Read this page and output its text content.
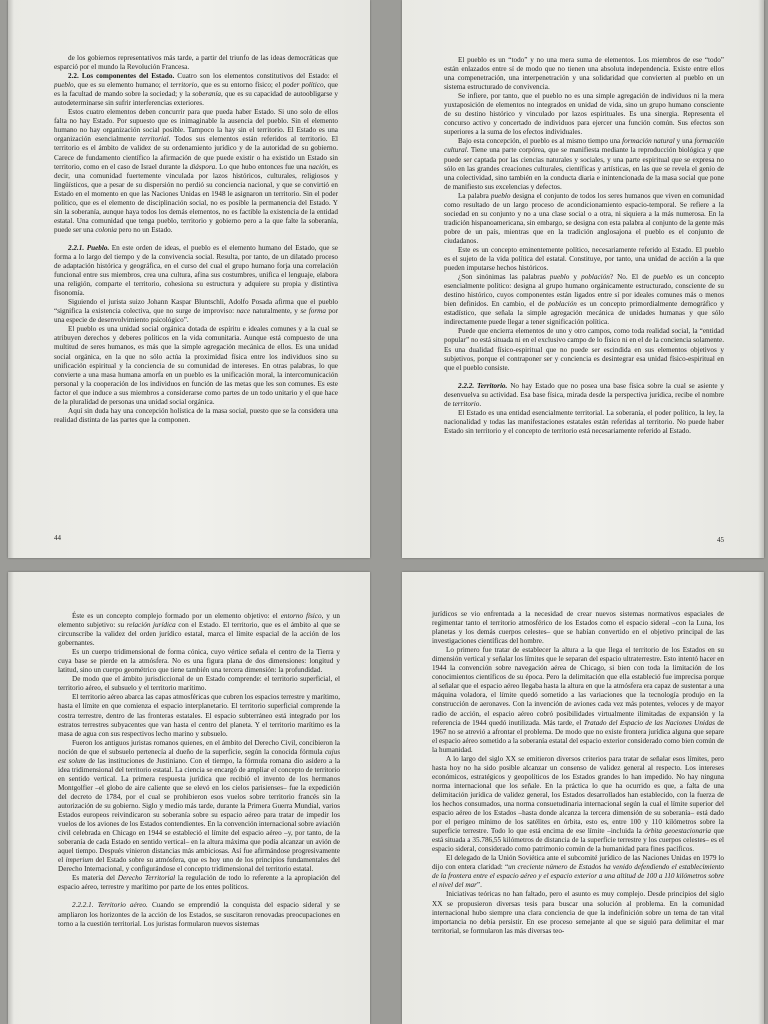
de los gobiernos representativos más tarde, a partir del triunfo de las ideas democráticas que esparció por el mundo la Revolución Francesa.

2.2. Los componentes del Estado. Cuatro son los elementos constitutivos del Estado: el pueblo, que es su elemento humano; el territorio, que es su entorno físico; el poder político, que es la facultad de mando sobre la sociedad; y la soberanía, que es su capacidad de autoobligarse y autodeterminarse sin sufrir interferencias exteriores.

Estos cuatro elementos deben concurrir para que pueda haber Estado. Si uno solo de ellos falta no hay Estado. Por supuesto que es inimaginable la ausencia del pueblo. Sin el elemento humano no hay organización social posible. Tampoco la hay sin el territorio. El Estado es una organización esencialmente territorial. Todos sus elementos están referidos al territorio. El territorio es el ámbito de validez de su ordenamiento jurídico y de la autoridad de su gobierno. Carece de fundamento científico la afirmación de que puede existir o ha existido un Estado sin territorio, como en el caso de Israel durante la diáspora. Lo que hubo entonces fue una nación, es decir, una comunidad fuertemente vinculada por lazos históricos, culturales, religiosos y lingüísticos, que a pesar de su dispersión no perdió su conciencia nacional, y que se convirtió en Estado en el momento en que las Naciones Unidas en 1948 le asignaron un territorio. Sin el poder político, que es el elemento de disciplinación social, no es posible la permanencia del Estado. Y sin la soberanía, aunque haya todos los demás elementos, no es factible la existencia de la entidad estatal. Una comunidad que tenga pueblo, territorio y gobierno pero a la que falte la soberanía, puede ser una colonia pero no un Estado.

2.2.1. Pueblo. En este orden de ideas, el pueblo es el elemento humano del Estado, que se forma a lo largo del tiempo y de la convivencia social. Resulta, por tanto, de un dilatado proceso de adaptación histórica y geográfica, en el curso del cual el grupo humano forja una correlación funcional entre sus miembros, crea una cultura, afina sus costumbres, unifica el lenguaje, elabora una religión, comparte el territorio, cohesiona su estructura y adquiere su propia y distintiva fisonomía.

Siguiendo el jurista suizo Johann Kaspar Bluntschli, Adolfo Posada afirma que el pueblo “significa la existencia colectiva, que no surge de improviso: nace naturalmente, y se forma por una especie de desenvolvimiento psicológico”.

El pueblo es una unidad social orgánica dotada de espíritu e ideales comunes y a la cual se atribuyen derechos y deberes políticos en la vida comunitaria. Aunque está compuesto de una multitud de seres humanos, es más que la simple agregación mecánica de ellos. Es una unidad social orgánica, en la que no sólo actúa la proximidad física entre los individuos sino su unificación espiritual y la conciencia de su comunidad de intereses. En otras palabras, lo que convierte a una masa humana amorfa en un pueblo es la unificación moral, la intercomunicación personal y la cooperación de los individuos en función de las metas que les son comunes. Es este factor el que induce a sus miembros a considerarse como partes de un todo unitario y el que hace de la pluralidad de personas una unidad social orgánica.

Aquí sin duda hay una concepción holística de la masa social, puesto que se la considera una realidad distinta de las partes que la componen.

44

El pueblo es un “todo” y no una mera suma de elementos. Los miembros de ese “todo” están enlazados entre sí de modo que no tienen una absoluta independencia. Existe entre ellos una compenetración, una interpenetración y una solidaridad que convierten al pueblo en un sistema estructurado de convivencia.

Se infiere, por tanto, que el pueblo no es una simple agregación de individuos ni la mera yuxtaposición de elementos no integrados en unidad de vida, sino un grupo humano consciente de su destino histórico y vinculado por lazos espirituales. Es una sinergia. Representa el concurso activo y concertado de individuos para ejercer una función común. Sus efectos son superiores a la suma de los efectos individuales.

Bajo esta concepción, el pueblo es al mismo tiempo una formación natural y una formación cultural. Tiene una parte corpórea, que se manifiesta mediante la reproducción biológica y que puede ser captada por las ciencias naturales y sociales, y una parte espiritual que se expresa no sólo en las grandes creaciones culturales, científicas y artísticas, en las que se revela el genio de una colectividad, sino también en la conducta diaria e inintencionada de la masa social que pone de manifiesto sus excelencias y defectos.

La palabra pueblo designa el conjunto de todos los seres humanos que viven en comunidad como resultado de un largo proceso de acondicionamiento espacio-temporal. Se refiere a la sociedad en su conjunto y no a una clase social o a otra, ni siquiera a la más numerosa. En la tradición hispanoamericana, sin embargo, se designa con esta palabra al conjunto de la gente más pobre de un país, mientras que en la tradición anglosajona el pueblo es el conjunto de ciudadanos.

Este es un concepto eminentemente político, necesariamente referido al Estado. El pueblo es el sujeto de la vida política del estatal. Constituye, por tanto, una unidad de acción a la que pueden imputarse hechos históricos.

¿Son sinónimas las palabras pueblo y población? No. El de pueblo es un concepto esencialmente político: designa al grupo humano orgánicamente estructurado, consciente de su destino histórico, cuyos componentes están ligados entre sí por ideales comunes más o menos bien definidos. En cambio, el de población es un concepto primordialmente demográfico y estadístico, que señala la simple agregación mecánica de unidades humanas y que sólo indirectamente puede llegar a tener significación política.

Puede que encierra elementos de uno y otro campos, como toda realidad social, la “entidad popular” no está situada ni en el exclusivo campo de lo físico ni en el de la conciencia solamente. Es una dualidad físico-espiritual que no puede ser escindida en sus elementos objetivos y subjetivos, porque el contraponer ser y conciencia es desintegrar esa unidad físico-espiritual en que el pueblo consiste.

2.2.2. Territorio. No hay Estado que no posea una base física sobre la cual se asiente y desenvuelva su actividad. Esa base física, mirada desde la perspectiva jurídica, recibe el nombre de territorio.

El Estado es una entidad esencialmente territorial. La soberanía, el poder político, la ley, la nacionalidad y todas las manifestaciones estatales están referidas al territorio. No puede haber Estado sin territorio y el concepto de territorio está necesariamente referido al Estado.

45

Éste es un concepto complejo formado por un elemento objetivo: el entorno físico, y un elemento subjetivo: su relación jurídica con el Estado. El territorio, que es el ámbito al que se circunscribe la validez del orden jurídico estatal, marca el límite espacial de la acción de los gobernantes.

Es un cuerpo tridimensional de forma cónica, cuyo vértice señala el centro de la Tierra y cuya base se pierde en la atmósfera. No es una figura plana de dos dimensiones: longitud y latitud, sino un cuerpo geométrico que tiene también una tercera dimensión: la profundidad.

De modo que el ámbito jurisdiccional de un Estado comprende: el territorio superficial, el territorio aéreo, el subsuelo y el territorio marítimo.

El territorio aéreo abarca las capas atmosféricas que cubren los espacios terrestre y marítimo, hasta el límite en que comienza el espacio interplanetario. El territorio superficial comprende la costra terrestre, dentro de las fronteras estatales. El espacio subterráneo está integrado por los estratos terrestres subyacentes que van hasta el centro del planeta. Y el territorio marítimo es la masa de agua con sus respectivos lecho marino y subsuelo.

Fueron los antiguos juristas romanos quienes, en el ámbito del Derecho Civil, concibieron la noción de que el subsuelo pertenecía al dueño de la superficie, según la conocida fórmula cujus est solum de las instituciones de Justiniano. Con el tiempo, la fórmula romana dio asidero a la idea tridimensional del territorio estatal. La ciencia se encargó de ampliar el concepto de territorio en sentido vertical. La primera respuesta jurídica que recibió el invento de los hermanos Montgolfier –el globo de aire caliente que se elevó en los cielos parisienses– fue la expedición del decreto de 1784, por el cual se prohibieron esos vuelos sobre territorio francés sin la autorización de su gobierno. Siglo y medio más tarde, durante la Primera Guerra Mundial, varios Estados europeos reivindicaron su soberanía sobre su espacio aéreo para tratar de impedir los vuelos de los aviones de los Estados contendientes. En la convención internacional sobre aviación civil celebrada en Chicago en 1944 se estableció el límite del espacio aéreo –y, por tanto, de la soberanía de cada Estado en sentido vertical– en la altura máxima que podía alcanzar un avión de aquel tiempo. Después vinieron distancias más ambiciosas. Así fue afirmándose progresivamente el imperium del Estado sobre su atmósfera, que es hoy uno de los principios fundamentales del Derecho Internacional, y configurándose el concepto tridimensional del territorio estatal.

Es materia del Derecho Territorial la regulación de todo lo referente a la apropiación del espacio aéreo, terrestre y marítimo por parte de los entes políticos.

2.2.2.1. Territorio aéreo. Cuando se emprendió la conquista del espacio sideral y se ampliaron los horizontes de la acción de los Estados, se suscitaron renovadas preocupaciones en torno a la cuestión territorial. Los juristas formularon nuevos sistemas

jurídicos se vio enfrentada a la necesidad de crear nuevos sistemas normativos espaciales de regimentar tanto el territorio atmosférico de los Estados como el espacio sideral –con la Luna, los planetas y los demás cuerpos celestes– que se habían convertido en el objetivo principal de las investigaciones científicas del hombre.

Lo primero fue tratar de establecer la altura a la que llega el territorio de los Estados en su dimensión vertical y señalar los límites que le separan del espacio ultraterrestre. Esto intentó hacer en 1944 la convención sobre navegación aérea de Chicago, si bien con toda la limitación de los conocimientos científicos de su época. Pero la delimitación que ella estableció fue imprecisa porque al señalar que el espacio aéreo llegaba hasta la altura en que la atmósfera era capaz de sustentar a una máquina voladora, el límite quedó sometido a las variaciones que la tecnología produjo en la construcción de aeronaves. Con la invención de aviones cada vez más potentes, veloces y de mayor radio de acción, el espacio aéreo cobró posibilidades virtualmente ilimitadas de expansión y la referencia de 1944 quedó inutilizada. Más tarde, el Tratado del Espacio de las Naciones Unidas de 1967 no se atrevió a afrontar el problema. De modo que no existe frontera jurídica alguna que separe el espacio aéreo sometido a la soberanía estatal del espacio exterior considerado como bien común de la humanidad.

A lo largo del siglo XX se emitieron diversos criterios para tratar de señalar esos límites, pero hasta hoy no ha sido posible alcanzar un consenso de validez general al respecto. Los intereses económicos, estratégicos y geopolíticos de los Estados grandes lo han impedido. No hay ninguna norma internacional que los señale. En la práctica lo que ha ocurrido es que, a falta de una delimitación jurídica de validez general, los Estados desarrollados han establecido, con la fuerza de los hechos consumados, una norma consuetudinaria internacional según la cual el límite superior del espacio aéreo de los Estados –hasta donde alcanza la tercera dimensión de su soberanía– está dado por el perigeo mínimo de los satélites en órbita, esto es, entre 100 y 110 kilómetros sobre la superficie terrestre. Todo lo que está encima de ese límite –incluida la órbita geoestacionaria que está situada a 35.786,55 kilómetros de distancia de la superficie terrestre y los cuerpos celestes– es el espacio sideral, considerado como patrimonio común de la humanidad para fines pacíficos.

El delegado de la Unión Soviética ante el subcomité jurídico de las Naciones Unidas en 1979 lo dijo con entera claridad: “un creciente número de Estados ha venido defendiendo el establecimiento de la frontera entre el espacio aéreo y el espacio exterior a una altitud de 100 a 110 kilómetros sobre el nivel del mar”.

Iniciativas teóricas no han faltado, pero el asunto es muy complejo. Desde principios del siglo XX se propusieron diversas tesis para buscar una solución al problema. En la comunidad internacional hubo siempre una clara conciencia de que la indefinición sobre un tema de tan vital importancia no debía persistir. En ese proceso semejante al que se siguió para delimitar el mar territorial, se formularon las más diversas teo-
